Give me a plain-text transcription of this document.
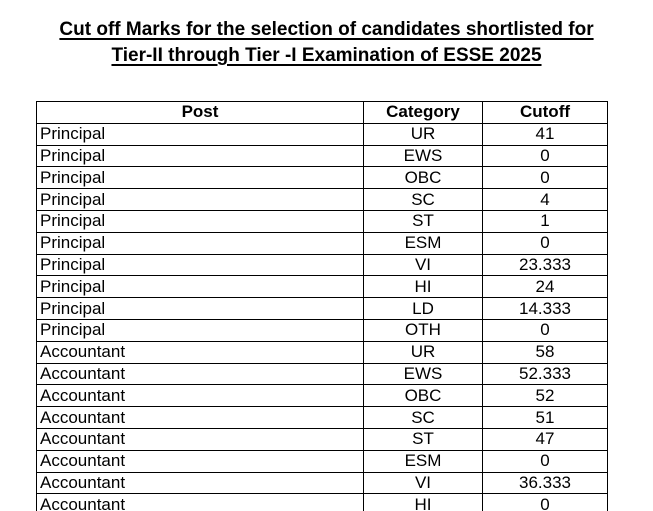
Cut off Marks for the selection of candidates shortlisted for
Tier-II through Tier -I Examination of ESSE 2025
Post	Category	Cutoff
Principal	UR	41
Principal	EWS	0
Principal	OBC	0
Principal	SC	4
Principal	ST	1
Principal	ESM	0
Principal	VI	23.333
Principal	HI	24
Principal	LD	14.333
Principal	OTH	0
Accountant	UR	58
Accountant	EWS	52.333
Accountant	OBC	52
Accountant	SC	51
Accountant	ST	47
Accountant	ESM	0
Accountant	VI	36.333
Accountant	HI	0
